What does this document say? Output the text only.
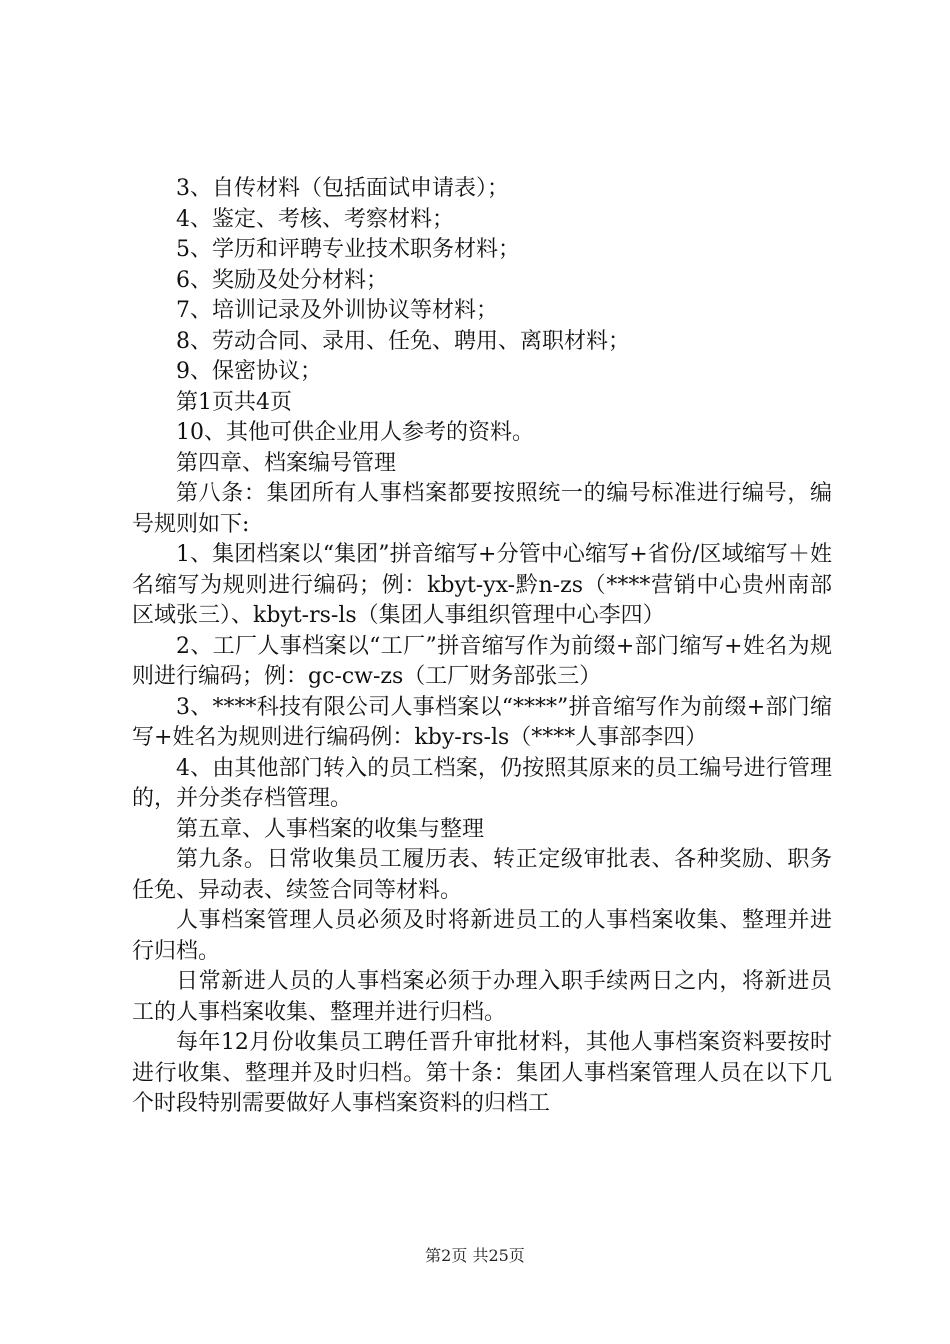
3、自传材料（包括面试申请表）；
4、鉴定、考核、考察材料；
5、学历和评聘专业技术职务材料；
6、奖励及处分材料；
7、培训记录及外训协议等材料；
8、劳动合同、录用、任免、聘用、离职材料；
9、保密协议；
第1页共4页
10、其他可供企业用人参考的资料。
第四章、档案编号管理
第八条：集团所有人事档案都要按照统一的编号标准进行编号，编号规则如下:
1、集团档案以“集团”拼音缩写+分管中心缩写+省份/区域缩写＋姓名缩写为规则进行编码；例：kbyt-yx-黔n-zs（****营销中心贵州南部区域张三）、kbyt-rs-ls（集团人事组织管理中心李四）
2、工厂人事档案以“工厂”拼音缩写作为前缀+部门缩写+姓名为规则进行编码；例：gc-cw-zs（工厂财务部张三）
3、****科技有限公司人事档案以“****”拼音缩写作为前缀+部门缩写+姓名为规则进行编码例：kby-rs-ls（****人事部李四）
4、由其他部门转入的员工档案，仍按照其原来的员工编号进行管理的，并分类存档管理。
第五章、人事档案的收集与整理
第九条。日常收集员工履历表、转正定级审批表、各种奖励、职务任免、异动表、续签合同等材料。
人事档案管理人员必须及时将新进员工的人事档案收集、整理并进行归档。
日常新进人员的人事档案必须于办理入职手续两日之内，将新进员工的人事档案收集、整理并进行归档。
每年12月份收集员工聘任晋升审批材料，其他人事档案资料要按时进行收集、整理并及时归档。第十条：集团人事档案管理人员在以下几个时段特别需要做好人事档案资料的归档工
第2页 共25页
